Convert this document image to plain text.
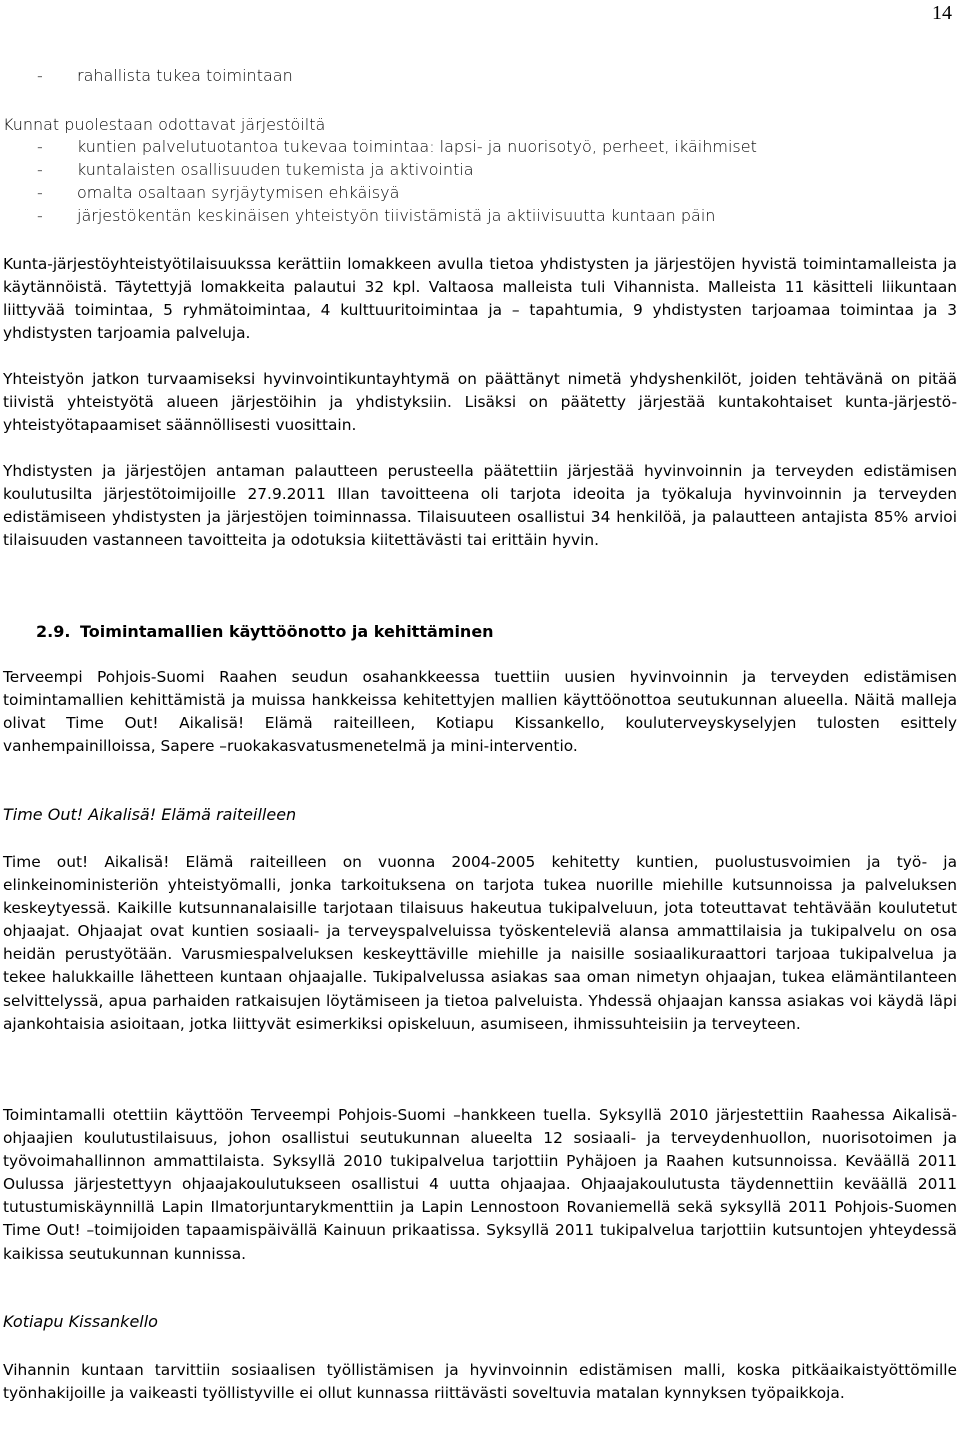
14
- rahallista tukea toimintaan
Kunnat puolestaan odottavat järjestöiltä
- kuntien palvelutuotantoa tukevaa toimintaa: lapsi- ja nuorisotyö, perheet, ikäihmiset
- kuntalaisten osallisuuden tukemista ja aktivointia
- omalta osaltaan syrjäytymisen ehkäisyä
- järjestökentän keskinäisen yhteistyön tiivistämistä ja aktiivisuutta kuntaan päin

Kunta-järjestöyhteistyötilaisuukssa kerättiin lomakkeen avulla tietoa yhdistysten ja järjestöjen hyvistä toimintamalleista ja käytännöistä. Täytettyjä lomakkeita palautui 32 kpl. Valtaosa malleista tuli Vihannista. Malleista 11 käsitteli liikuntaan liittyvää toimintaa, 5 ryhmätoimintaa, 4 kulttuuritoimintaa ja – tapahtumia, 9 yhdistysten tarjoamaa toimintaa ja 3 yhdistysten tarjoamia palveluja.

Yhteistyön jatkon turvaamiseksi hyvinvointikuntayhtymä on päättänyt nimetä yhdyshenkilöt, joiden tehtävänä on pitää tiivistä yhteistyötä alueen järjestöihin ja yhdistyksiin. Lisäksi on päätetty järjestää kuntakohtaiset kunta-järjestö-yhteistyötapaamiset säännöllisesti vuosittain.

Yhdistysten ja järjestöjen antaman palautteen perusteella päätettiin järjestää hyvinvoinnin ja terveyden edistämisen koulutusilta järjestötoimijoille 27.9.2011 Illan tavoitteena oli tarjota ideoita ja työkaluja hyvinvoinnin ja terveyden edistämiseen yhdistysten ja järjestöjen toiminnassa. Tilaisuuteen osallistui 34 henkilöä, ja palautteen antajista 85% arvioi tilaisuuden vastanneen tavoitteita ja odotuksia kiitettävästi tai erittäin hyvin.

2.9. Toimintamallien käyttöönotto ja kehittäminen

Terveempi Pohjois-Suomi Raahen seudun osahankkeessa tuettiin uusien hyvinvoinnin ja terveyden edistämisen toimintamallien kehittämistä ja muissa hankkeissa kehitettyjen mallien käyttöönottoa seutukunnan alueella. Näitä malleja olivat Time Out! Aikalisä! Elämä raiteilleen, Kotiapu Kissankello, kouluterveyskyselyjen tulosten esittely vanhempainilloissa, Sapere –ruokakasvatusmenetelmä ja mini-interventio.

Time Out! Aikalisä! Elämä raiteilleen

Time out! Aikalisä! Elämä raiteilleen on vuonna 2004-2005 kehitetty kuntien, puolustusvoimien ja työ- ja elinkeinoministeriön yhteistyömalli, jonka tarkoituksena on tarjota tukea nuorille miehille kutsunnoissa ja palveluksen keskeytyessä. Kaikille kutsunnanalaisille tarjotaan tilaisuus hakeutua tukipalveluun, jota toteuttavat tehtävään koulutetut ohjaajat. Ohjaajat ovat kuntien sosiaali- ja terveyspalveluissa työskenteleviä alansa ammattilaisia ja tukipalvelu on osa heidän perustyötään. Varusmiespalveluksen keskeyttäville miehille ja naisille sosiaalikuraattori tarjoaa tukipalvelua ja tekee halukkaille lähetteen kuntaan ohjaajalle. Tukipalvelussa asiakas saa oman nimetyn ohjaajan, tukea elämäntilanteen selvittelyssä, apua parhaiden ratkaisujen löytämiseen ja tietoa palveluista. Yhdessä ohjaajan kanssa asiakas voi käydä läpi ajankohtaisia asioitaan, jotka liittyvät esimerkiksi opiskeluun, asumiseen, ihmissuhteisiin ja terveyteen.

Toimintamalli otettiin käyttöön Terveempi Pohjois-Suomi –hankkeen tuella. Syksyllä 2010 järjestettiin Raahessa Aikalisä-ohjaajien koulutustilaisuus, johon osallistui seutukunnan alueelta 12 sosiaali- ja terveydenhuollon, nuorisotoimen ja työvoimahallinnon ammattilaista. Syksyllä 2010 tukipalvelua tarjottiin Pyhäjoen ja Raahen kutsunnoissa. Keväällä 2011 Oulussa järjestettyyn ohjaajakoulutukseen osallistui 4 uutta ohjaajaa. Ohjaajakoulutusta täydennettiin keväällä 2011 tutustumiskäynnillä Lapin Ilmatorjuntarykmenttiin ja Lapin Lennostoon Rovaniemellä sekä syksyllä 2011 Pohjois-Suomen Time Out! –toimijoiden tapaamispäivällä Kainuun prikaatissa. Syksyllä 2011 tukipalvelua tarjottiin kutsuntojen yhteydessä kaikissa seutukunnan kunnissa.

Kotiapu Kissankello

Vihannin kuntaan tarvittiin sosiaalisen työllistämisen ja hyvinvoinnin edistämisen malli, koska pitkäaikaistyöttömille työnhakijoille ja vaikeasti työllistyville ei ollut kunnassa riittävästi soveltuvia matalan kynnyksen työpaikkoja.
